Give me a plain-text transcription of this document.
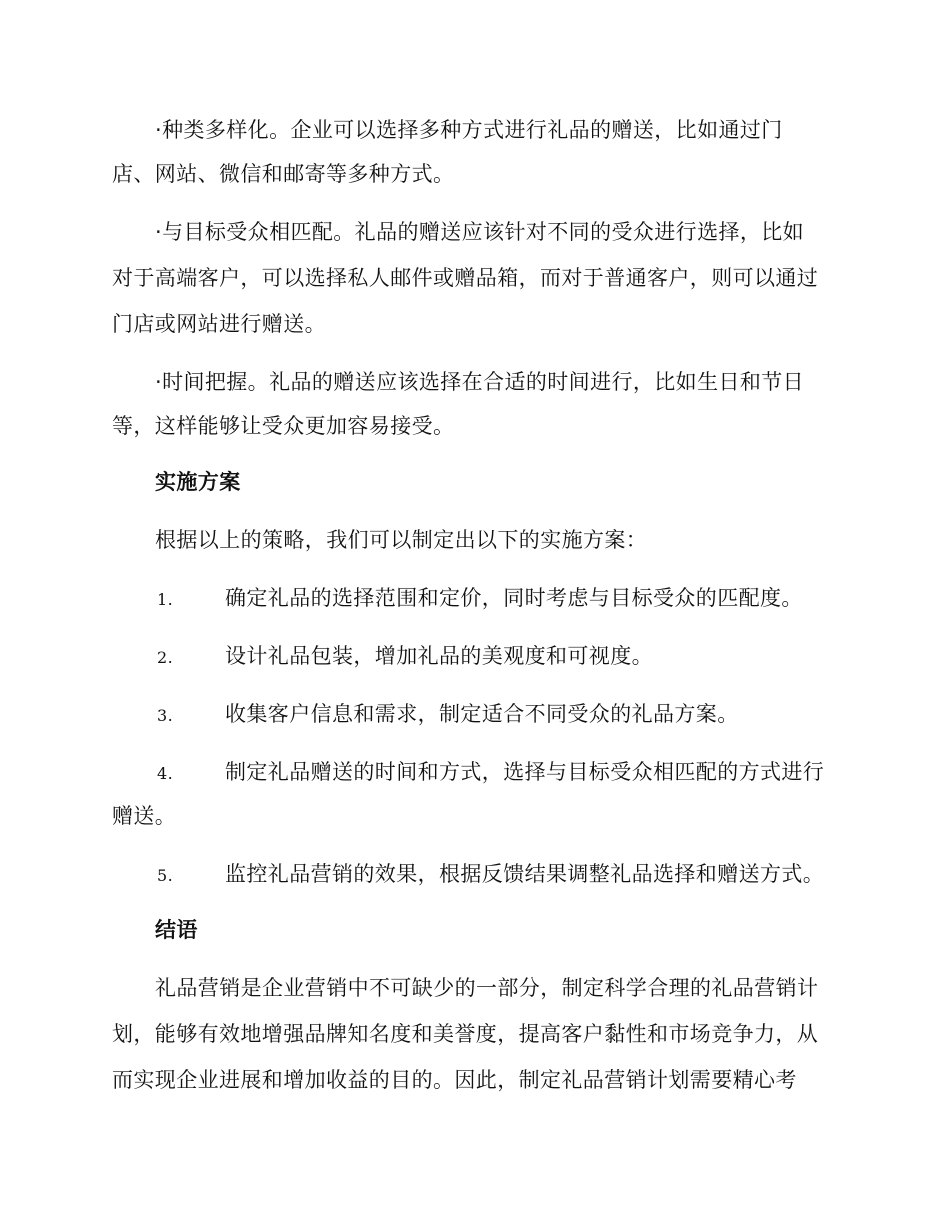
·种类多样化。企业可以选择多种方式进行礼品的赠送，比如通过门

店、网站、微信和邮寄等多种方式。

·与目标受众相匹配。礼品的赠送应该针对不同的受众进行选择，比如

对于高端客户，可以选择私人邮件或赠品箱，而对于普通客户，则可以通过

门店或网站进行赠送。

·时间把握。礼品的赠送应该选择在合适的时间进行，比如生日和节日

等，这样能够让受众更加容易接受。

实施方案

根据以上的策略，我们可以制定出以下的实施方案：

1. 确定礼品的选择范围和定价，同时考虑与目标受众的匹配度。

2. 设计礼品包装，增加礼品的美观度和可视度。

3. 收集客户信息和需求，制定适合不同受众的礼品方案。

4. 制定礼品赠送的时间和方式，选择与目标受众相匹配的方式进行

赠送。

5. 监控礼品营销的效果，根据反馈结果调整礼品选择和赠送方式。

结语

礼品营销是企业营销中不可缺少的一部分，制定科学合理的礼品营销计

划，能够有效地增强品牌知名度和美誉度，提高客户黏性和市场竞争力，从

而实现企业进展和增加收益的目的。因此，制定礼品营销计划需要精心考
